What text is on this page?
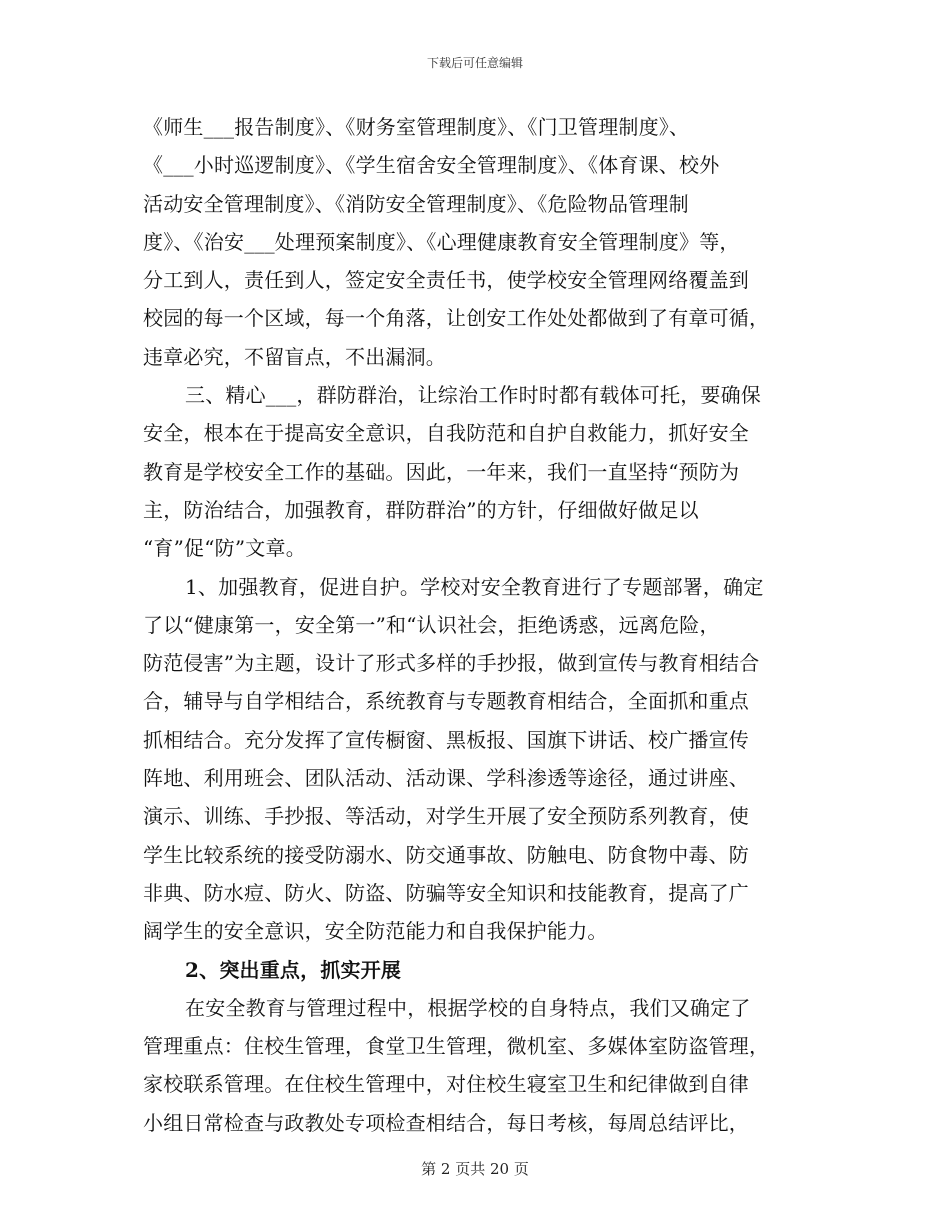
下载后可任意编辑
《师生___报告制度》、《财务室管理制度》、《门卫管理制度》、
《___小时巡逻制度》、《学生宿舍安全管理制度》、《体育课、校外
活动安全管理制度》、《消防安全管理制度》、《危险物品管理制
度》、《治安___处理预案制度》、《心理健康教育安全管理制度》等，
分工到人，责任到人，签定安全责任书，使学校安全管理网络覆盖到
校园的每一个区域，每一个角落，让创安工作处处都做到了有章可循，
违章必究，不留盲点，不出漏洞。
三、精心___，群防群治，让综治工作时时都有载体可托，要确保
安全，根本在于提高安全意识，自我防范和自护自救能力，抓好安全
教育是学校安全工作的基础。因此，一年来，我们一直坚持“预防为
主，防治结合，加强教育，群防群治”的方针，仔细做好做足以
“育”促“防”文章。
1、加强教育，促进自护。学校对安全教育进行了专题部署，确定
了以“健康第一，安全第一”和“认识社会，拒绝诱惑，远离危险，
防范侵害”为主题，设计了形式多样的手抄报，做到宣传与教育相结合
合，辅导与自学相结合，系统教育与专题教育相结合，全面抓和重点
抓相结合。充分发挥了宣传橱窗、黑板报、国旗下讲话、校广播宣传
阵地、利用班会、团队活动、活动课、学科渗透等途径，通过讲座、
演示、训练、手抄报、等活动，对学生开展了安全预防系列教育，使
学生比较系统的接受防溺水、防交通事故、防触电、防食物中毒、防
非典、防水痘、防火、防盗、防骗等安全知识和技能教育，提高了广
阔学生的安全意识，安全防范能力和自我保护能力。
2、突出重点，抓实开展
在安全教育与管理过程中，根据学校的自身特点，我们又确定了
管理重点：住校生管理，食堂卫生管理，微机室、多媒体室防盗管理，
家校联系管理。在住校生管理中，对住校生寝室卫生和纪律做到自律
小组日常检查与政教处专项检查相结合，每日考核，每周总结评比，
第 2 页共 20 页
